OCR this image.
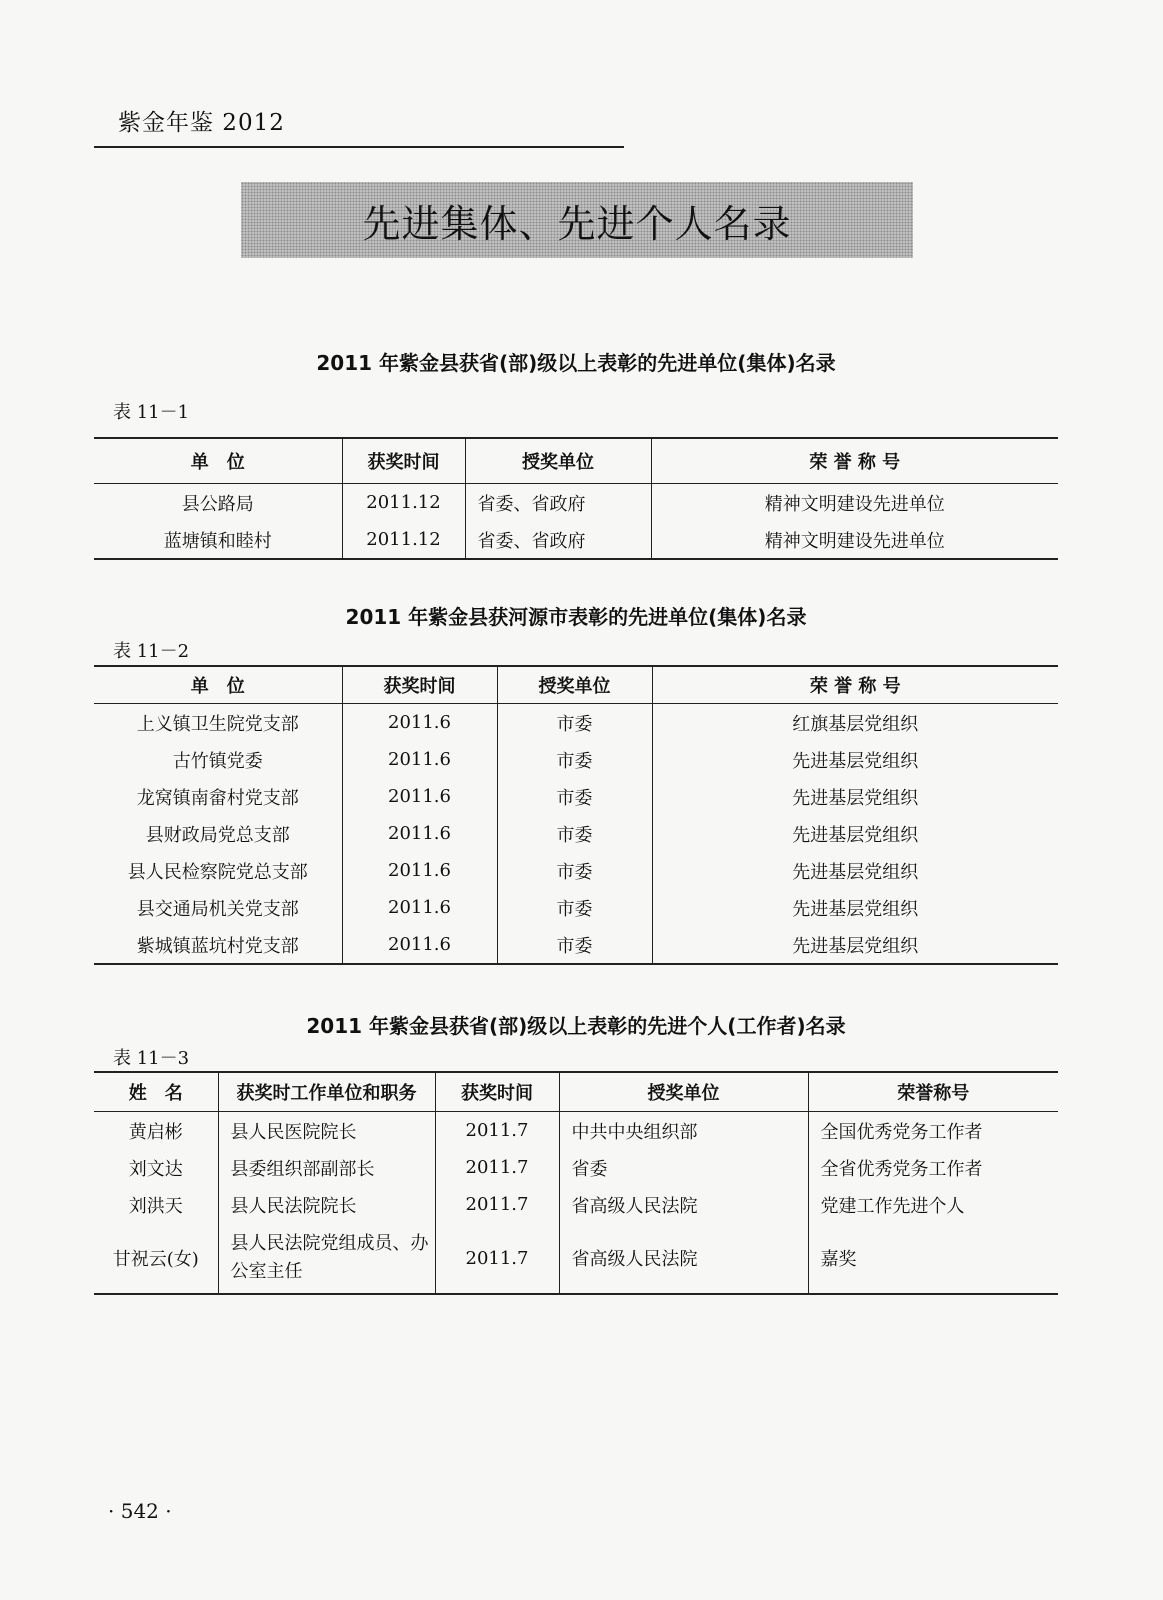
紫金年鉴 2012
先进集体、先进个人名录
2011 年紫金县获省(部)级以上表彰的先进单位(集体)名录
表 11－1
单　位	获奖时间	授奖单位	荣 誉 称 号
县公路局	2011.12	省委、省政府	精神文明建设先进单位
蓝塘镇和睦村	2011.12	省委、省政府	精神文明建设先进单位
2011 年紫金县获河源市表彰的先进单位(集体)名录
表 11－2
单　位	获奖时间	授奖单位	荣 誉 称 号
上义镇卫生院党支部	2011.6	市委	红旗基层党组织
古竹镇党委	2011.6	市委	先进基层党组织
龙窝镇南畲村党支部	2011.6	市委	先进基层党组织
县财政局党总支部	2011.6	市委	先进基层党组织
县人民检察院党总支部	2011.6	市委	先进基层党组织
县交通局机关党支部	2011.6	市委	先进基层党组织
紫城镇蓝坑村党支部	2011.6	市委	先进基层党组织
2011 年紫金县获省(部)级以上表彰的先进个人(工作者)名录
表 11－3
姓　名	获奖时工作单位和职务	获奖时间	授奖单位	荣誉称号
黄启彬	县人民医院院长	2011.7	中共中央组织部	全国优秀党务工作者
刘文达	县委组织部副部长	2011.7	省委	全省优秀党务工作者
刘洪天	县人民法院院长	2011.7	省高级人民法院	党建工作先进个人
甘祝云(女)	县人民法院党组成员、办公室主任	2011.7	省高级人民法院	嘉奖
· 542 ·
